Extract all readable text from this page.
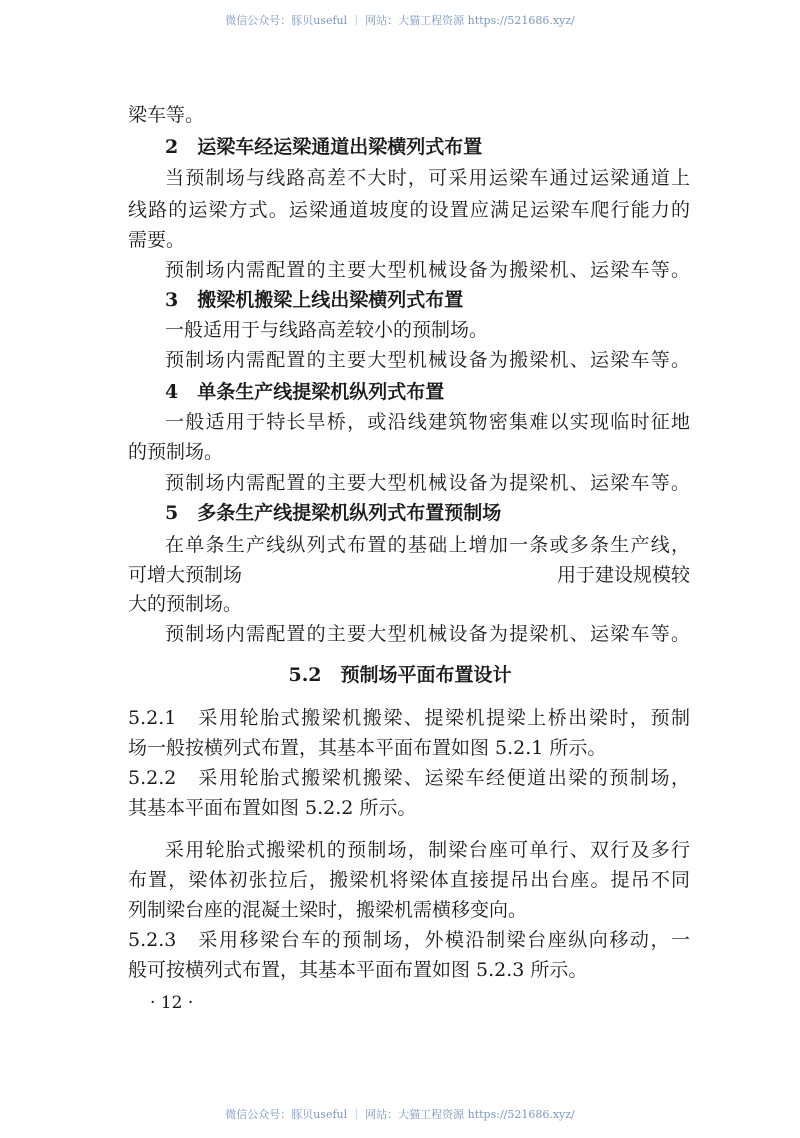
微信公众号：豚贝useful ｜ 网站：大猫工程资源 https://521686.xyz/
梁车等。
2　运梁车经运梁通道出梁横列式布置
当预制场与线路高差不大时，可采用运梁车通过运梁通道上
线路的运梁方式。运梁通道坡度的设置应满足运梁车爬行能力的
需要。
预制场内需配置的主要大型机械设备为搬梁机、运梁车等。
3　搬梁机搬梁上线出梁横列式布置
一般适用于与线路高差较小的预制场。
预制场内需配置的主要大型机械设备为搬梁机、运梁车等。
4　单条生产线提梁机纵列式布置
一般适用于特长旱桥，或沿线建筑物密集难以实现临时征地
的预制场。
预制场内需配置的主要大型机械设备为提梁机、运梁车等。
5　多条生产线提梁机纵列式布置预制场
在单条生产线纵列式布置的基础上增加一条或多条生产线，
可增大预制场	用于建设规模较
大的预制场。
预制场内需配置的主要大型机械设备为提梁机、运梁车等。
5.2　预制场平面布置设计
5.2.1　采用轮胎式搬梁机搬梁、提梁机提梁上桥出梁时，预制
场一般按横列式布置，其基本平面布置如图 5.2.1 所示。
5.2.2　采用轮胎式搬梁机搬梁、运梁车经便道出梁的预制场，
其基本平面布置如图 5.2.2 所示。
采用轮胎式搬梁机的预制场，制梁台座可单行、双行及多行
布置，梁体初张拉后，搬梁机将梁体直接提吊出台座。提吊不同
列制梁台座的混凝土梁时，搬梁机需横移变向。
5.2.3　采用移梁台车的预制场，外模沿制梁台座纵向移动，一
般可按横列式布置，其基本平面布置如图 5.2.3 所示。
· 12 ·
微信公众号：豚贝useful ｜ 网站：大猫工程资源 https://521686.xyz/
